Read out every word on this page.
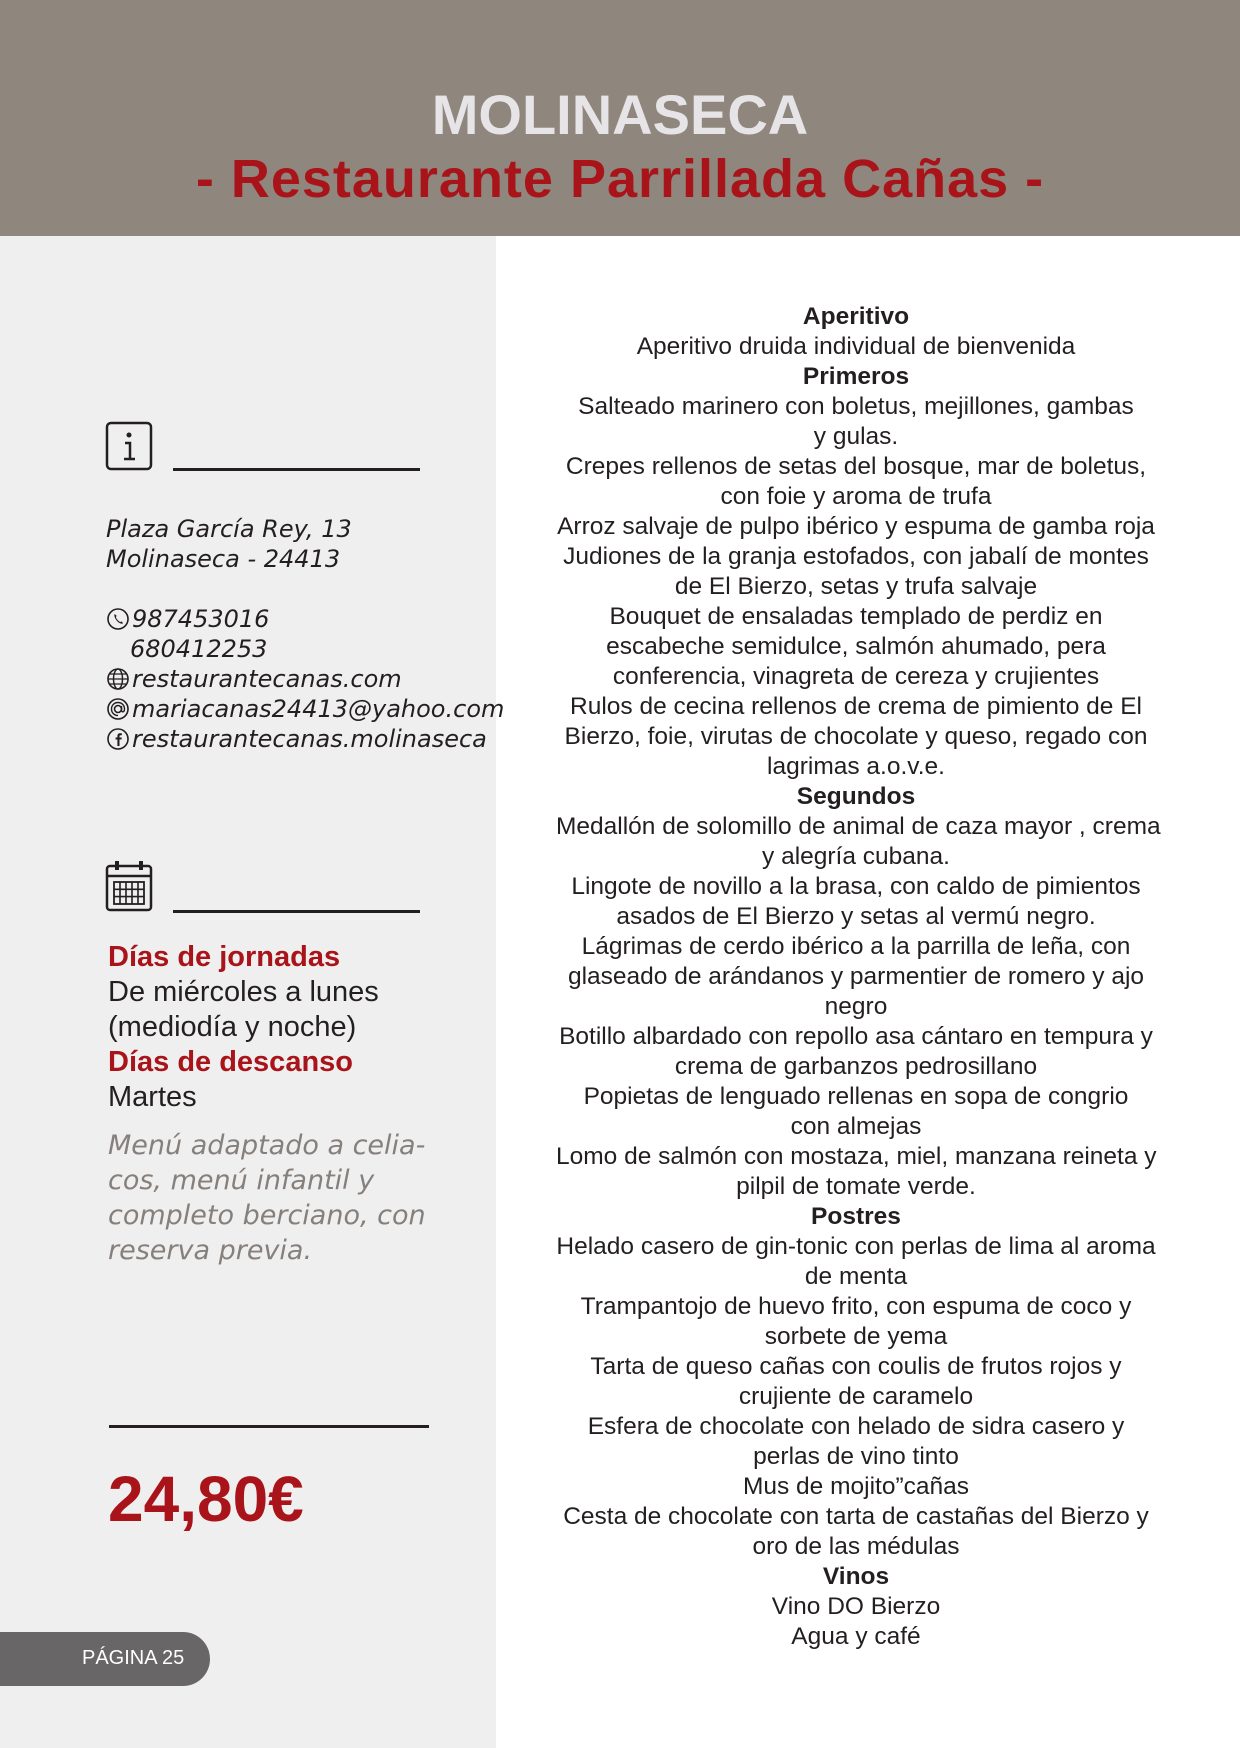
MOLINASECA
- Restaurante Parrillada Cañas -
Plaza García Rey, 13
Molinaseca - 24413
987453016
680412253
restaurantecanas.com
mariacanas24413@yahoo.com
restaurantecanas.molinaseca
Días de jornadas
De miércoles a lunes
(mediodía y noche)
Días de descanso
Martes
Menú adaptado a celia-
cos, menú infantil y
completo berciano, con
reserva previa.
24,80€
PÁGINA 25
Aperitivo
Aperitivo druida individual de bienvenida
Primeros
Salteado marinero con boletus, mejillones, gambas
y gulas.
Crepes rellenos de setas del bosque, mar de boletus,
con foie y aroma de trufa
Arroz salvaje de pulpo ibérico y espuma de gamba roja
Judiones de la granja estofados, con jabalí de montes
de El Bierzo, setas y trufa salvaje
Bouquet de ensaladas templado de perdiz en
escabeche semidulce, salmón ahumado, pera
conferencia, vinagreta de cereza y crujientes
Rulos de cecina rellenos de crema de pimiento de El
Bierzo, foie, virutas de chocolate y queso, regado con
lagrimas a.o.v.e.
Segundos
Medallón de solomillo de animal de caza mayor , crema
y alegría cubana.
Lingote de novillo a la brasa, con caldo de pimientos
asados de El Bierzo y setas al vermú negro.
Lágrimas de cerdo ibérico a la parrilla de leña, con
glaseado de arándanos y parmentier de romero y ajo
negro
Botillo albardado con repollo asa cántaro en tempura y
crema de garbanzos pedrosillano
Popietas de lenguado rellenas en sopa de congrio
con almejas
Lomo de salmón con mostaza, miel, manzana reineta y
pilpil de tomate verde.
Postres
Helado casero de gin-tonic con perlas de lima al aroma
de menta
Trampantojo de huevo frito, con espuma de coco y
sorbete de yema
Tarta de queso cañas con coulis de frutos rojos y
crujiente de caramelo
Esfera de chocolate con helado de sidra casero y
perlas de vino tinto
Mus de mojito”cañas
Cesta de chocolate con tarta de castañas del Bierzo y
oro de las médulas
Vinos
Vino DO Bierzo
Agua y café
